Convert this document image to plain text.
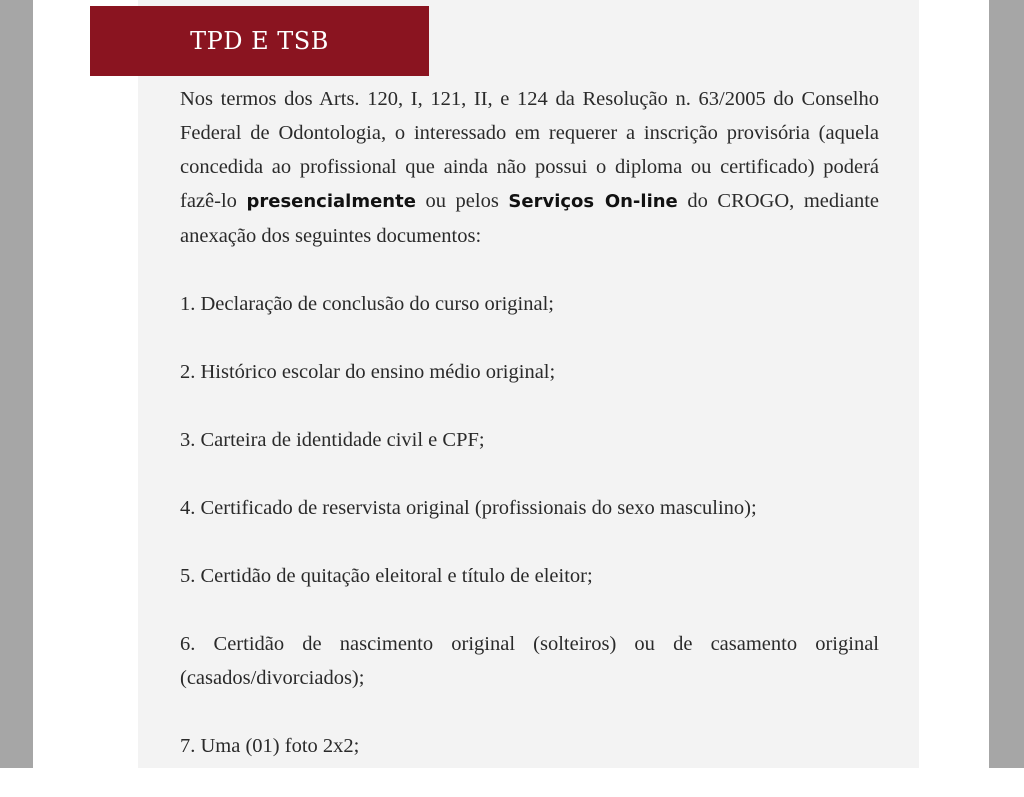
TPD E TSB

Nos termos dos Arts. 120, I, 121, II, e 124 da Resolução n. 63/2005 do Conselho Federal de Odontologia, o interessado em requerer a inscrição provisória (aquela concedida ao profissional que ainda não possui o diploma ou certificado) poderá fazê-lo presencialmente ou pelos Serviços On-line do CROGO, mediante anexação dos seguintes documentos:

1. Declaração de conclusão do curso original;

2. Histórico escolar do ensino médio original;

3. Carteira de identidade civil e CPF;

4. Certificado de reservista original (profissionais do sexo masculino);

5. Certidão de quitação eleitoral e título de eleitor;

6. Certidão de nascimento original (solteiros) ou de casamento original (casados/divorciados);

7. Uma (01) foto 2x2;
